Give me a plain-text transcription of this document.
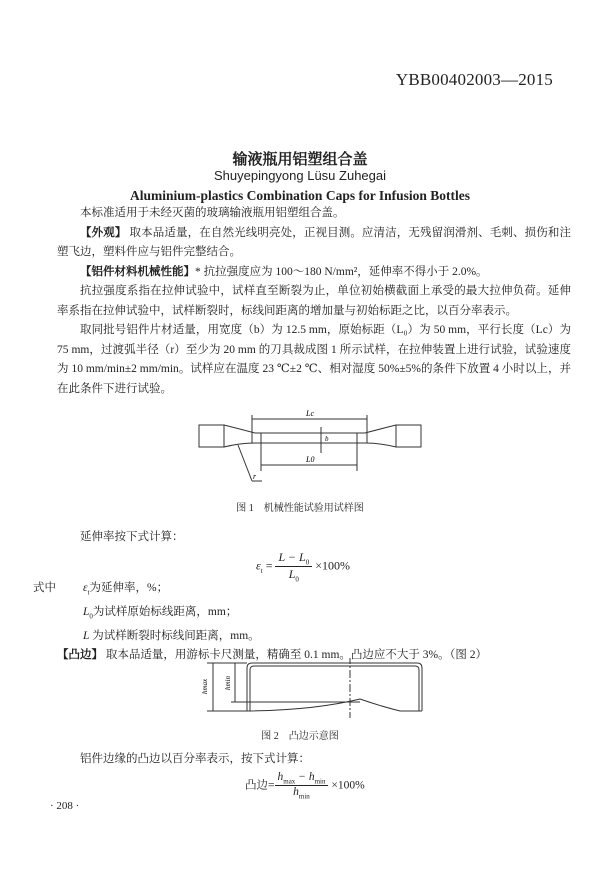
YBB00402003—2015
输液瓶用铝塑组合盖
Shuyepingyong Lüsu Zuhegai
Aluminium-plastics Combination Caps for Infusion Bottles

本标准适用于未经灭菌的玻璃输液瓶用铝塑组合盖。

【外观】 取本品适量，在自然光线明亮处，正视目测。应清洁，无残留润滑剂、毛刺、损伤和注塑飞边，塑料件应与铝件完整结合。

【铝件材料机械性能】* 抗拉强度应为 100～180 N/mm²，延伸率不得小于 2.0%。

抗拉强度系指在拉伸试验中，试样直至断裂为止，单位初始横截面上承受的最大拉伸负荷。延伸率系指在拉伸试验中，试样断裂时，标线间距离的增加量与初始标距之比，以百分率表示。

取同批号铝件片材适量，用宽度（b）为 12.5 mm，原始标距（L₀）为 50 mm，平行长度（Lc）为 75 mm，过渡弧半径（r）至少为 20 mm 的刀具裁成图 1 所示试样，在拉伸装置上进行试验，试验速度为 10 mm/min±2 mm/min。试样应在温度 23 ℃±2 ℃、相对湿度 50%±5%的条件下放置 4 小时以上，并在此条件下进行试验。

Lc
L0
b
r
图 1　机械性能试验用试样图

延伸率按下式计算：

$\varepsilon_t = \frac{L - L_0}{L_0} \times 100\%$
式中 $\varepsilon_t$为延伸率，%；
$L_0$为试样原始标线距离，mm；
L 为试样断裂时标线间距离，mm。
【凸边】 取本品适量，用游标卡尺测量，精确至 0.1 mm。凸边应不大于 3%。（图 2）
hmax hmin
图 2　凸边示意图

铝件边缘的凸边以百分率表示，按下式计算：

凸边= $\frac{h_{max} - h_{min}}{h_{min}} \times 100\%$
· 208 ·
